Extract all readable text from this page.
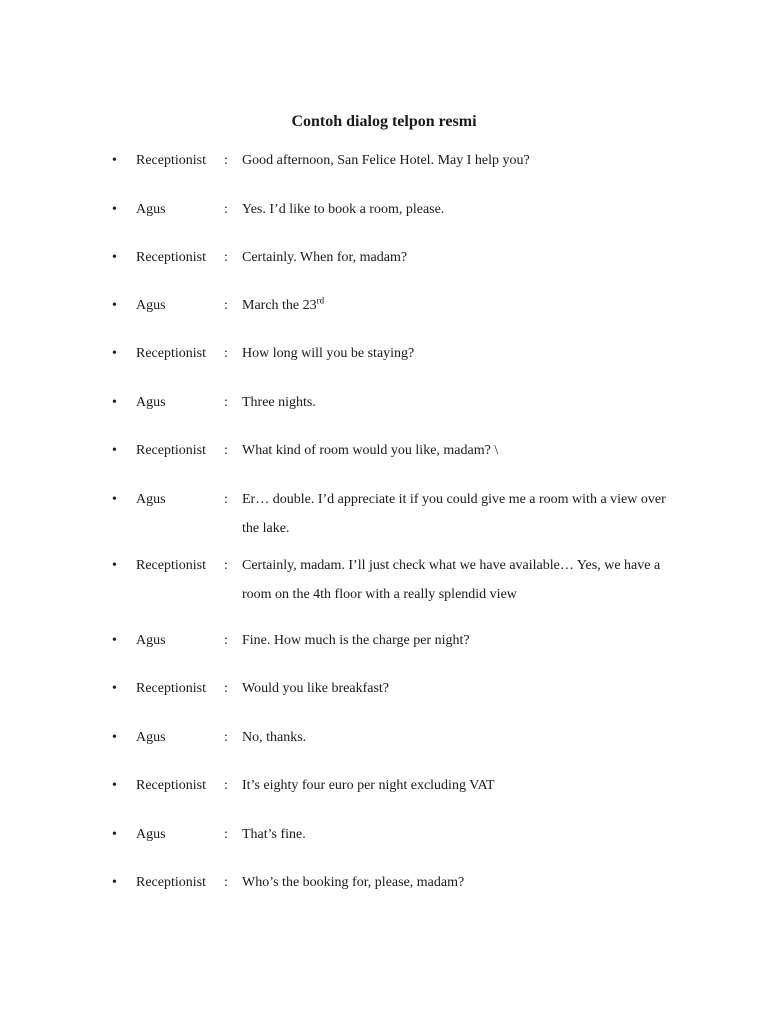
Contoh dialog telpon resmi
• Receptionist : Good afternoon, San Felice Hotel. May I help you?
• Agus	: Yes. I’d like to book a room, please.
• Receptionist : Certainly. When for, madam?
• Agus	: March the 23rd
• Receptionist : How long will you be staying?
• Agus	: Three nights.
• Receptionist : What kind of room would you like, madam? \
• Agus	: Er… double. I’d appreciate it if you could give me a room with a view over the lake.
• Receptionist : Certainly, madam. I’ll just check what we have available… Yes, we have a room on the 4th floor with a really splendid view
• Agus	: Fine. How much is the charge per night?
• Receptionist : Would you like breakfast?
• Agus	: No, thanks.
• Receptionist : It’s eighty four euro per night excluding VAT
• Agus	: That’s fine.
• Receptionist : Who’s the booking for, please, madam?
